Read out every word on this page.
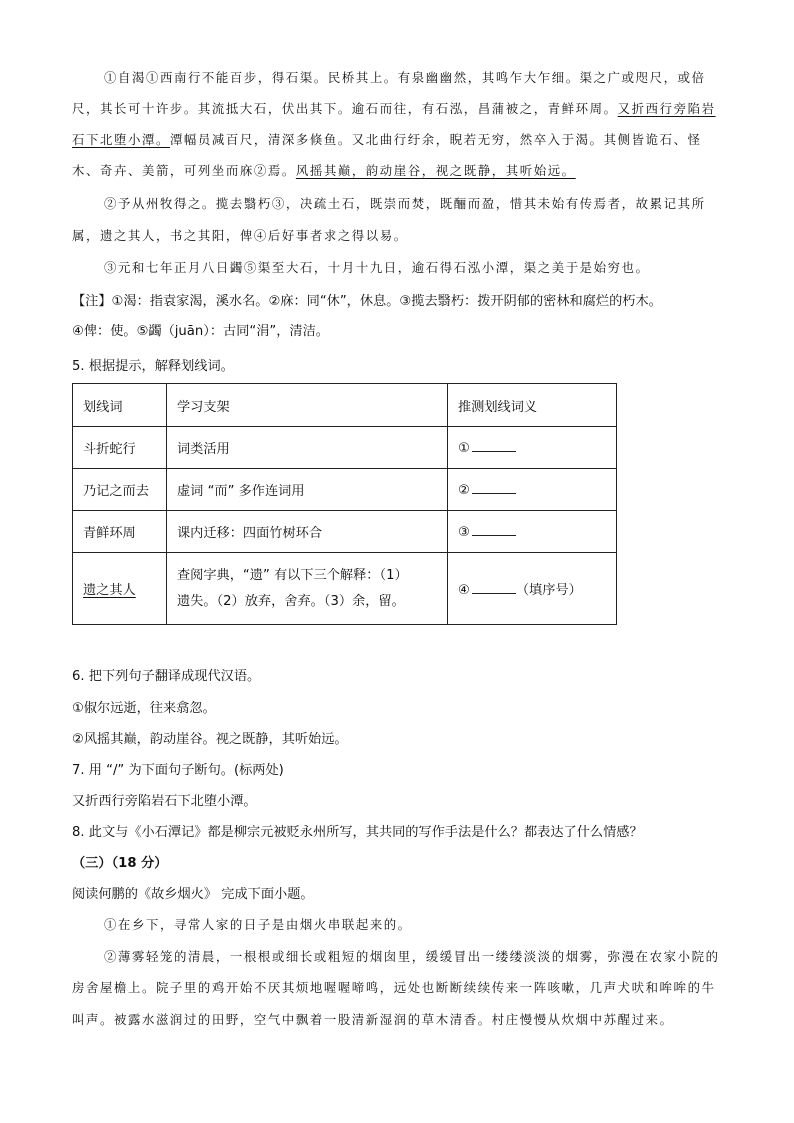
①自渴①西南行不能百步，得石渠。民桥其上。有泉幽幽然，其鸣乍大乍细。渠之广或咫尺，或倍
尺，其长可十许步。其流抵大石，伏出其下。逾石而往，有石泓，昌蒲被之，青鲜环周。又折西行旁陷岩
石下北堕小潭。潭幅员减百尺，清深多倏鱼。又北曲行纡余，睨若无穷，然卒入于渴。其侧皆诡石、怪
木、奇卉、美箭，可列坐而庥②焉。风摇其巅，韵动崖谷，视之既静，其听始远。
②予从州牧得之。揽去翳朽③，决疏土石，既崇而焚，既酾而盈，惜其未始有传焉者，故累记其所
属，遗之其人，书之其阳，俾④后好事者求之得以易。
③元和七年正月八日蠲⑤渠至大石，十月十九日，逾石得石泓小潭，渠之美于是始穷也。
【注】①渴：指袁家渴，溪水名。②庥：同“休”，休息。③揽去翳朽：拨开阴郁的密林和腐烂的朽木。
④俾：使。⑤蠲（juān）：古同“涓”，清洁。
5. 根据提示，解释划线词。
划线词	学习支架	推测划线词义
斗折蛇行	词类活用	①
乃记之而去	虚词 “而” 多作连词用	②
青鲜环周	课内迁移：四面竹树环合	③
遗之其人	查阅字典，“遗” 有以下三个解释：（1）
遗失。（2）放弃，舍弃。（3）余，留。	④ （填序号）
6. 把下列句子翻译成现代汉语。
①俶尔远逝，往来翕忽。
②风摇其巅，韵动崖谷。视之既静，其听始远。
7. 用 “/” 为下面句子断句。(标两处)
又折西行旁陷岩石下北堕小潭。
8. 此文与《小石潭记》都是柳宗元被贬永州所写，其共同的写作手法是什么？都表达了什么情感？
（三）（18 分）
阅读何鹏的《故乡烟火》 完成下面小题。
①在乡下，寻常人家的日子是由烟火串联起来的。
②薄雾轻笼的清晨，一根根或细长或粗短的烟囱里，缓缓冒出一缕缕淡淡的烟雾，弥漫在农家小院的
房舍屋檐上。院子里的鸡开始不厌其烦地喔喔啼鸣，远处也断断续续传来一阵咳嗽，几声犬吠和哞哞的牛
叫声。被露水滋润过的田野，空气中飘着一股清新湿润的草木清香。村庄慢慢从炊烟中苏醒过来。
